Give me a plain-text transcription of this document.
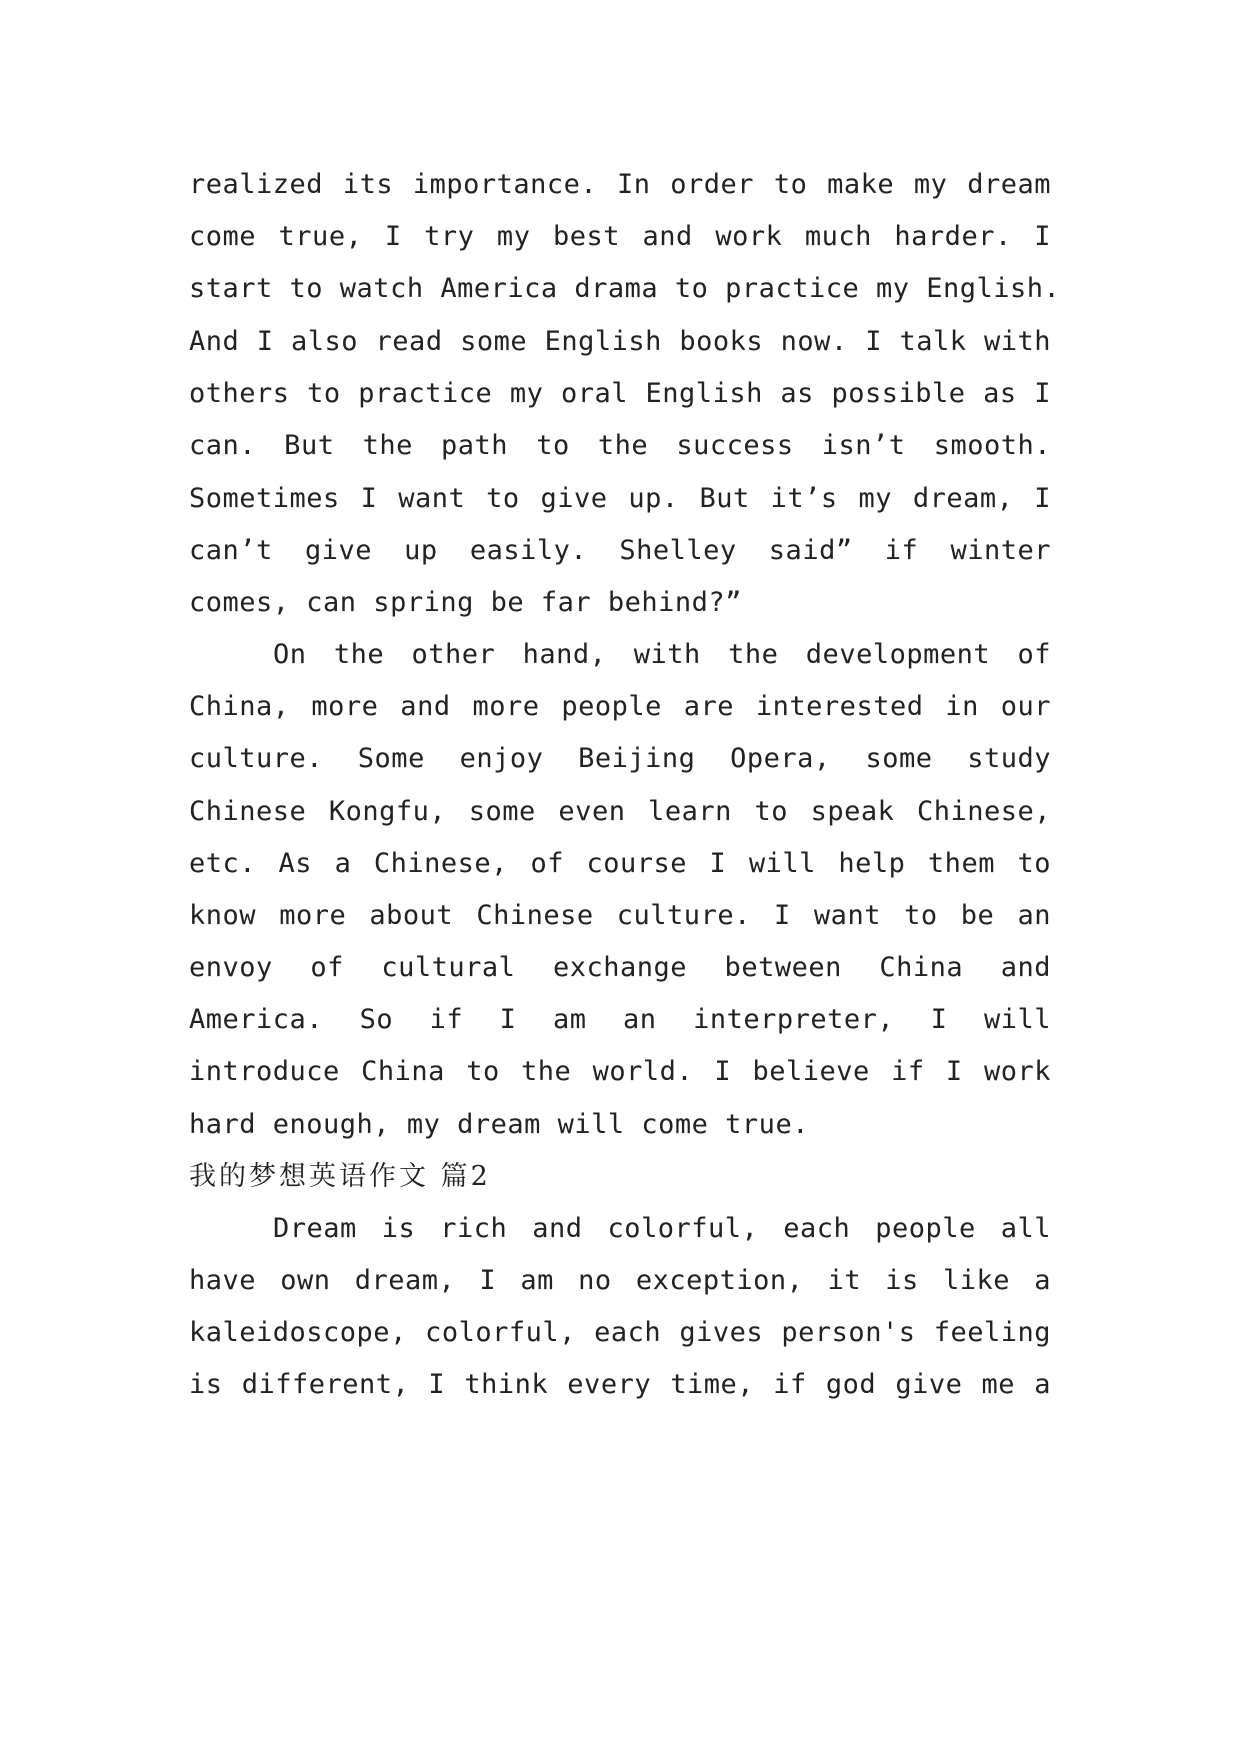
realized its importance. In order to make my dream
come true, I try my best and work much harder. I
start to watch America drama to practice my English.
And I also read some English books now. I talk with
others to practice my oral English as possible as I
can. But the path to the success isn’t smooth.
Sometimes I want to give up. But it’s my dream, I
can’t give up easily. Shelley said” if winter
comes, can spring be far behind?”
On the other hand, with the development of
China, more and more people are interested in our
culture. Some enjoy Beijing Opera, some study
Chinese Kongfu, some even learn to speak Chinese,
etc. As a Chinese, of course I will help them to
know more about Chinese culture. I want to be an
envoy of cultural exchange between China and
America. So if I am an interpreter, I will
introduce China to the world. I believe if I work
hard enough, my dream will come true.
我的梦想英语作文 篇2
Dream is rich and colorful, each people all
have own dream, I am no exception, it is like a
kaleidoscope, colorful, each gives person's feeling
is different, I think every time, if god give me a
